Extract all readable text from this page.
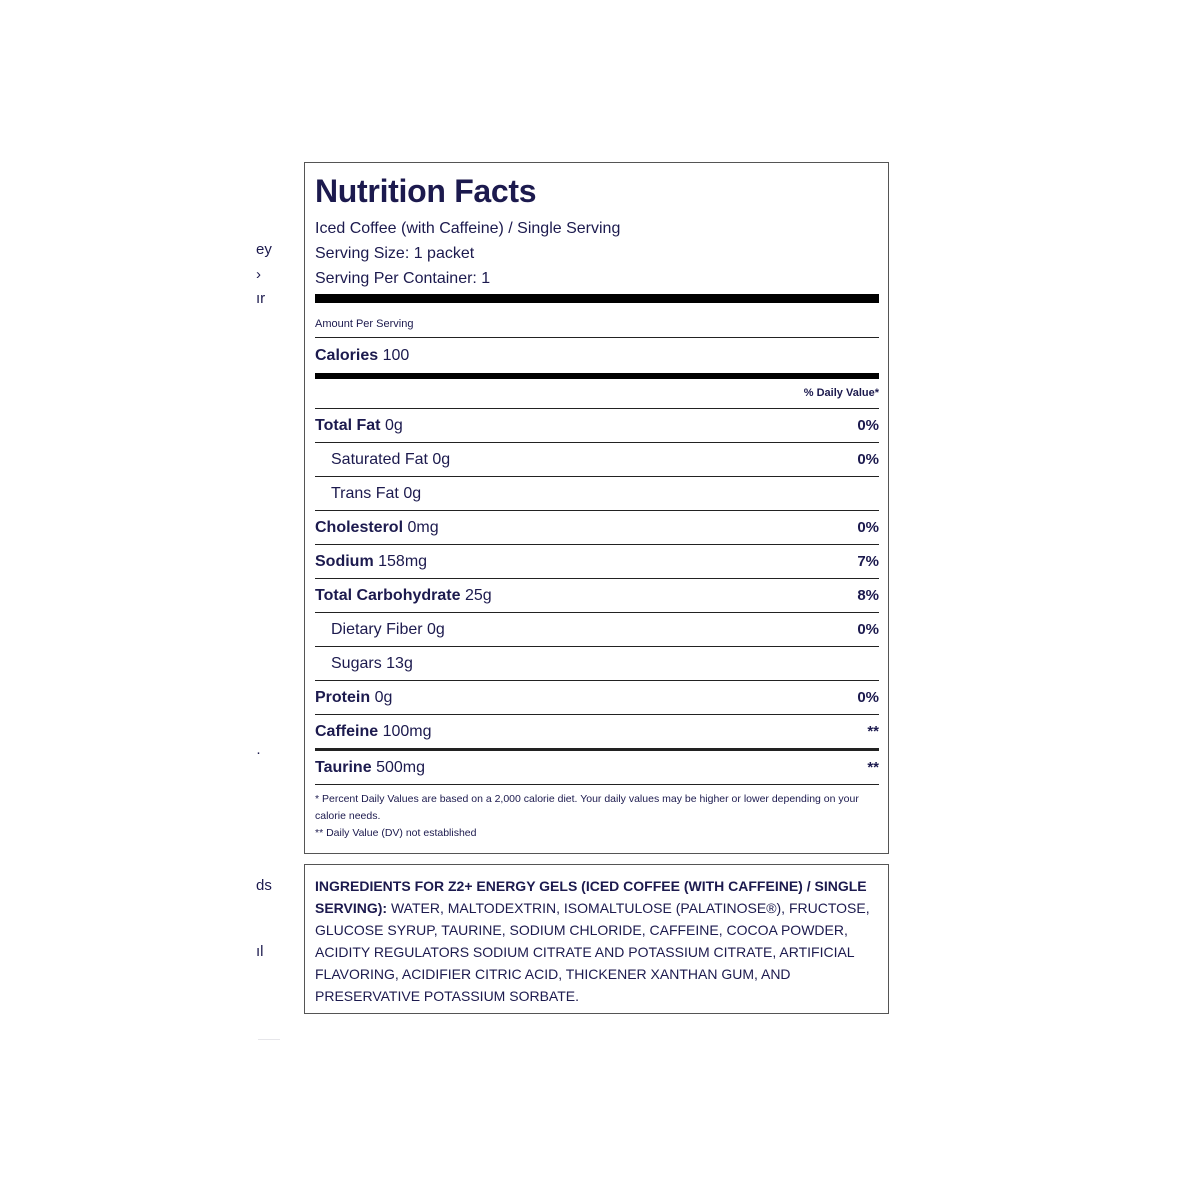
ey
›
ır
·
ds
ıl
Nutrition Facts
Iced Coffee (with Caffeine) / Single Serving
Serving Size: 1 packet
Serving Per Container: 1
Amount Per Serving
Calories 100
% Daily Value*
Total Fat 0g	0%
Saturated Fat 0g	0%
Trans Fat 0g
Cholesterol 0mg	0%
Sodium 158mg	7%
Total Carbohydrate 25g	8%
Dietary Fiber 0g	0%
Sugars 13g
Protein 0g	0%
Caffeine 100mg	**
Taurine 500mg	**
* Percent Daily Values are based on a 2,000 calorie diet. Your daily values may be higher or lower depending on your calorie needs.
** Daily Value (DV) not established
INGREDIENTS FOR Z2+ ENERGY GELS (ICED COFFEE (WITH CAFFEINE) / SINGLE SERVING): WATER, MALTODEXTRIN, ISOMALTULOSE (PALATINOSE®), FRUCTOSE, GLUCOSE SYRUP, TAURINE, SODIUM CHLORIDE, CAFFEINE, COCOA POWDER, ACIDITY REGULATORS SODIUM CITRATE AND POTASSIUM CITRATE, ARTIFICIAL FLAVORING, ACIDIFIER CITRIC ACID, THICKENER XANTHAN GUM, AND PRESERVATIVE POTASSIUM SORBATE.
